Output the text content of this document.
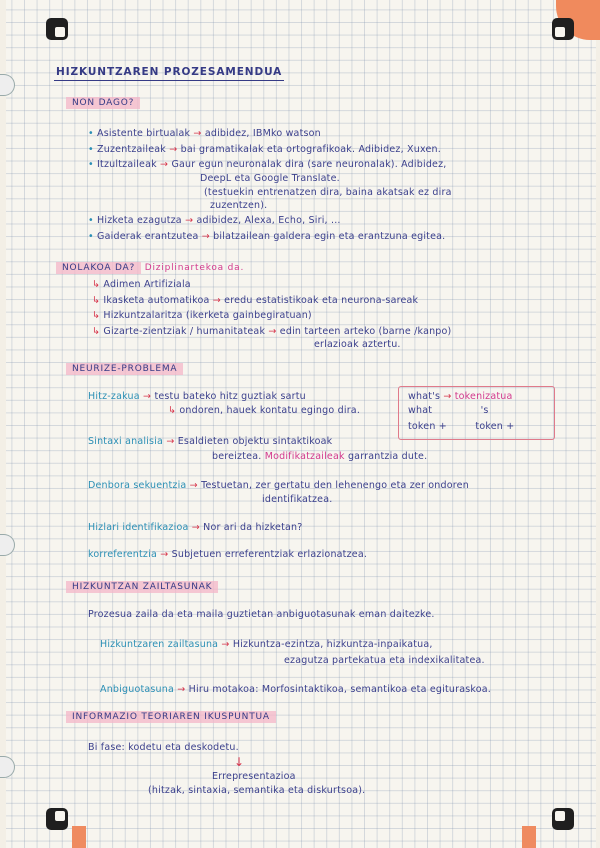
HIZKUNTZAREN PROZESAMENDUA
NON DAGO?
• Asistente birtualak → adibidez, IBMko watson
• Zuzentzaileak → bai gramatikalak eta ortografikoak. Adibidez, Xuxen.
• Itzultzaileak → Gaur egun neuronalak dira (sare neuronalak). Adibidez,
DeepL eta Google Translate.
(testuekin entrenatzen dira, baina akatsak ez dira
zuzentzen).
• Hizketa ezagutza → adibidez, Alexa, Echo, Siri, ...
• Gaiderak erantzutea → bilatzailean galdera egin eta erantzuna egitea.
NOLAKOA DA? Diziplinartekoa da.
↳ Adimen Artifiziala
↳ Ikasketa automatikoa → eredu estatistikoak eta neurona-sareak
↳ Hizkuntzalaritza (ikerketa gainbegiratuan)
↳ Gizarte-zientziak / humanitateak → edin tarteen arteko (barne /kanpo)
erlazioak aztertu.
NEURIZE-PROBLEMA
Hitz-zakua → testu bateko hitz guztiak sartu
↳ ondoren, hauek kontatu egingo dira.
what's → tokenizatua
what	's
token +	token +
Sintaxi analisia → Esaldieten objektu sintaktikoak
bereiztea. Modifikatzaileak garrantzia dute.
Denbora sekuentzia → Testuetan, zer gertatu den lehenengo eta zer ondoren
identifikatzea.
Hizlari identifikazioa → Nor ari da hizketan?
korreferentzia → Subjetuen erreferentziak erlazionatzea.
HIZKUNTZAN ZAILTASUNAK
Prozesua zaila da eta maila guztietan anbiguotasunak eman daitezke.
Hizkuntzaren zailtasuna → Hizkuntza-ezintza, hizkuntza-inpaikatua,
ezagutza partekatua eta indexikalitatea.
Anbiguotasuna → Hiru motakoa: Morfosintaktikoa, semantikoa eta egituraskoa.
INFORMAZIO TEORIAREN IKUSPUNTUA
Bi fase: kodetu eta deskodetu.
↓
Errepresentazioa
(hitzak, sintaxia, semantika eta diskurtsoa).
